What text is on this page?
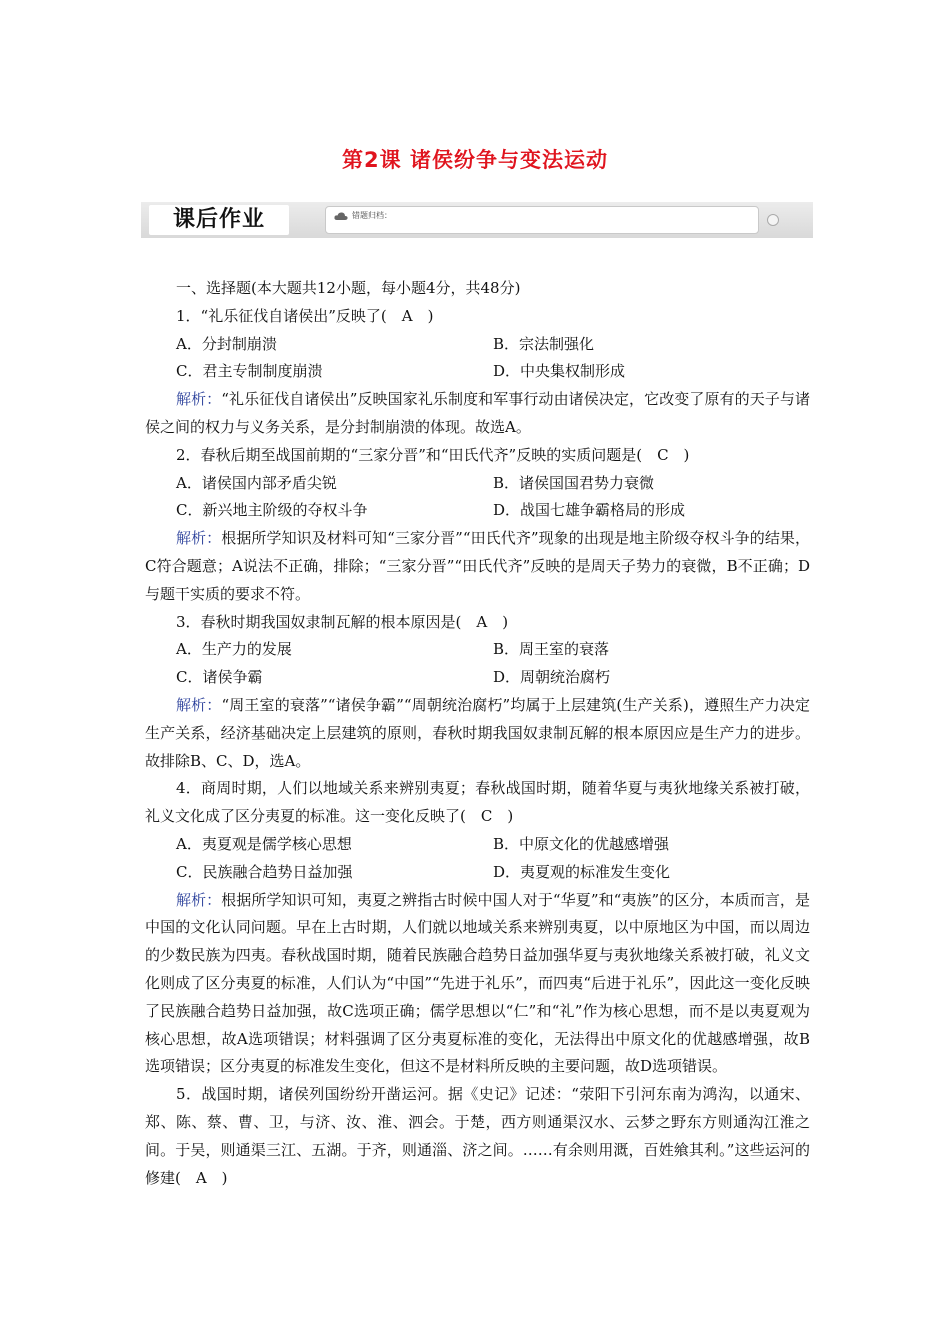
第2课 诸侯纷争与变法运动
课后作业	错题归档：

一、选择题(本大题共12小题，每小题4分，共48分)

1．“礼乐征伐自诸侯出”反映了(　A　)

A．分封制崩溃	B．宗法制强化
C．君主专制制度崩溃	D．中央集权制形成

解析：“礼乐征伐自诸侯出”反映国家礼乐制度和军事行动由诸侯决定，它改变了原有的天子与诸侯之间的权力与义务关系，是分封制崩溃的体现。故选A。

2．春秋后期至战国前期的“三家分晋”和“田氏代齐”反映的实质问题是(　C　)

A．诸侯国内部矛盾尖锐	B．诸侯国国君势力衰微
C．新兴地主阶级的夺权斗争	D．战国七雄争霸格局的形成

解析：根据所学知识及材料可知“三家分晋”“田氏代齐”现象的出现是地主阶级夺权斗争的结果，C符合题意；A说法不正确，排除；“三家分晋”“田氏代齐”反映的是周天子势力的衰微，B不正确；D与题干实质的要求不符。

3．春秋时期我国奴隶制瓦解的根本原因是(　A　)

A．生产力的发展	B．周王室的衰落
C．诸侯争霸	D．周朝统治腐朽

解析：“周王室的衰落”“诸侯争霸”“周朝统治腐朽”均属于上层建筑(生产关系)，遵照生产力决定生产关系，经济基础决定上层建筑的原则，春秋时期我国奴隶制瓦解的根本原因应是生产力的进步。故排除B、C、D，选A。

4．商周时期，人们以地域关系来辨别夷夏；春秋战国时期，随着华夏与夷狄地缘关系被打破，礼义文化成了区分夷夏的标准。这一变化反映了(　C　)

A．夷夏观是儒学核心思想	B．中原文化的优越感增强
C．民族融合趋势日益加强	D．夷夏观的标准发生变化

解析：根据所学知识可知，夷夏之辨指古时候中国人对于“华夏”和“夷族”的区分，本质而言，是中国的文化认同问题。早在上古时期，人们就以地域关系来辨别夷夏，以中原地区为中国，而以周边的少数民族为四夷。春秋战国时期，随着民族融合趋势日益加强华夏与夷狄地缘关系被打破，礼义文化则成了区分夷夏的标准，人们认为“中国”“先进于礼乐”，而四夷“后进于礼乐”，因此这一变化反映了民族融合趋势日益加强，故C选项正确；儒学思想以“仁”和“礼”作为核心思想，而不是以夷夏观为核心思想，故A选项错误；材料强调了区分夷夏标准的变化，无法得出中原文化的优越感增强，故B选项错误；区分夷夏的标准发生变化，但这不是材料所反映的主要问题，故D选项错误。

5．战国时期，诸侯列国纷纷开凿运河。据《史记》记述：“荥阳下引河东南为鸿沟，以通宋、郑、陈、蔡、曹、卫，与济、汝、淮、泗会。于楚，西方则通渠汉水、云梦之野东方则通沟江淮之间。于吴，则通渠三江、五湖。于齐，则通淄、济之间。……有余则用溉，百姓飨其利。”这些运河的修建(　A　)
